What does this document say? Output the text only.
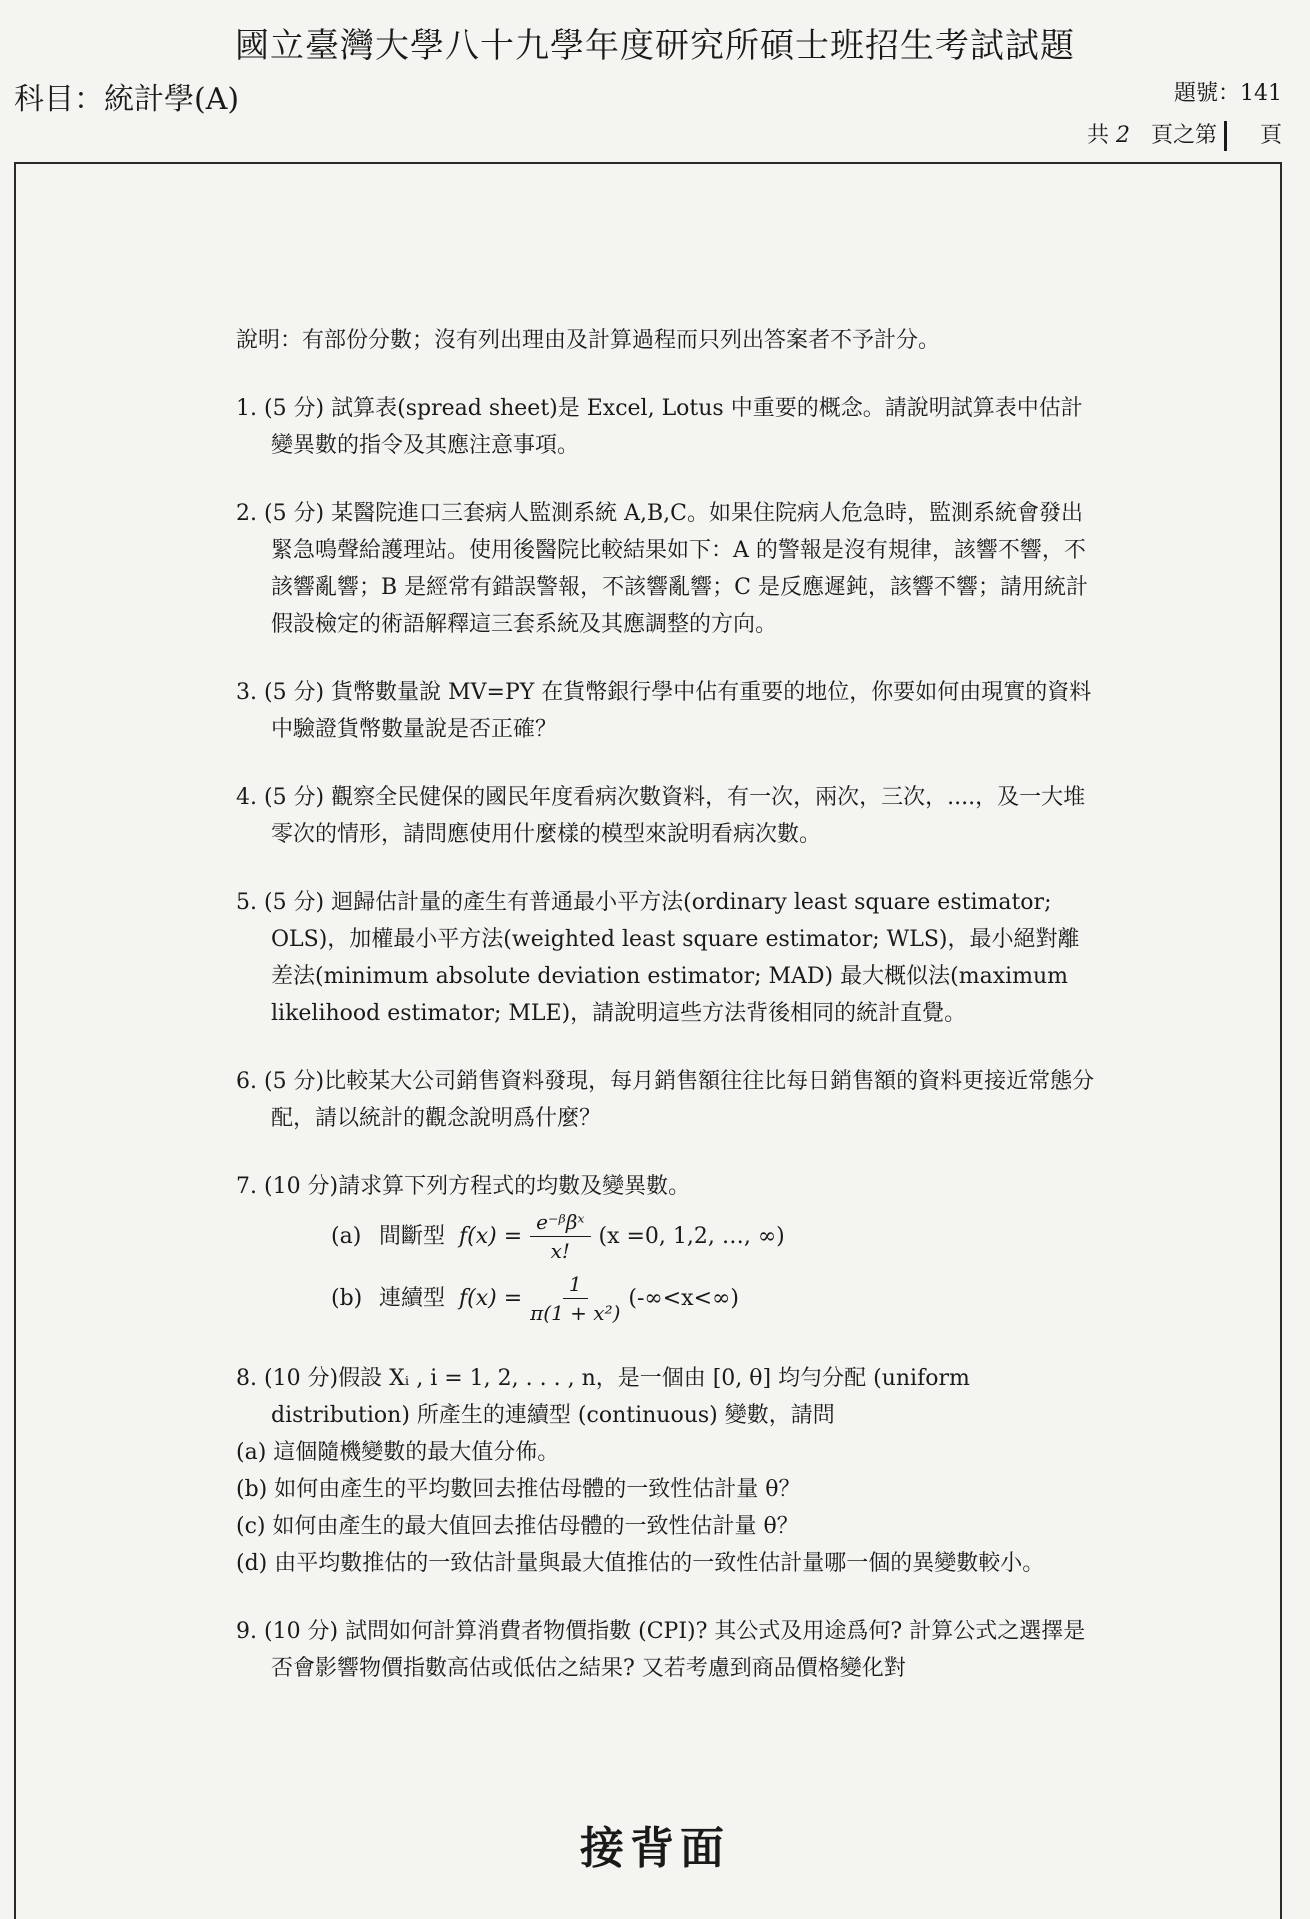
國立臺灣大學八十九學年度研究所碩士班招生考試試題
科目：統計學(A)	題號：141
共 2 頁之第 頁
說明：有部份分數；沒有列出理由及計算過程而只列出答案者不予計分。
1. (5 分) 試算表(spread sheet)是 Excel, Lotus 中重要的概念。請說明試算表中估計變異數的指令及其應注意事項。
2. (5 分) 某醫院進口三套病人監測系統 A,B,C。如果住院病人危急時，監測系統會發出緊急鳴聲給護理站。使用後醫院比較結果如下：A 的警報是沒有規律，該響不響，不該響亂響；B 是經常有錯誤警報，不該響亂響；C 是反應遲鈍，該響不響；請用統計假設檢定的術語解釋這三套系統及其應調整的方向。
3. (5 分) 貨幣數量說 MV=PY 在貨幣銀行學中佔有重要的地位，你要如何由現實的資料中驗證貨幣數量說是否正確？
4. (5 分) 觀察全民健保的國民年度看病次數資料，有一次，兩次，三次，....，及一大堆零次的情形，請問應使用什麼樣的模型來說明看病次數。
5. (5 分) 迴歸估計量的產生有普通最小平方法(ordinary least square estimator; OLS)，加權最小平方法(weighted least square estimator; WLS)，最小絕對離差法(minimum absolute deviation estimator; MAD) 最大概似法(maximum likelihood estimator; MLE)，請說明這些方法背後相同的統計直覺。
6. (5 分)比較某大公司銷售資料發現，每月銷售額往往比每日銷售額的資料更接近常態分配，請以統計的觀念說明爲什麼？
7. (10 分)請求算下列方程式的均數及變異數。
(a) 間斷型 $f(x) = \frac{\text{e⁻ᵝβˣ}}{x!} (x =0$, 1,2, …, ∞)
(b) 連續型 $f(x) = \frac{1}{\text{π(1 + x²)}} (-\infty<x<\infty)$
8. (10 分)假設 Xᵢ , i = 1, 2, . . . , n，是一個由 [0, θ] 均勻分配 (uniform distribution) 所產生的連續型 (continuous) 變數，請問
(a) 這個隨機變數的最大值分佈。
(b) 如何由產生的平均數回去推估母體的一致性估計量 θ？
(c) 如何由產生的最大值回去推估母體的一致性估計量 θ？
(d) 由平均數推估的一致估計量與最大值推估的一致性估計量哪一個的異變數較小。
9. (10 分) 試問如何計算消費者物價指數 (CPI)? 其公式及用途爲何? 計算公式之選擇是否會影響物價指數高估或低估之結果? 又若考慮到商品價格變化對
接背面
